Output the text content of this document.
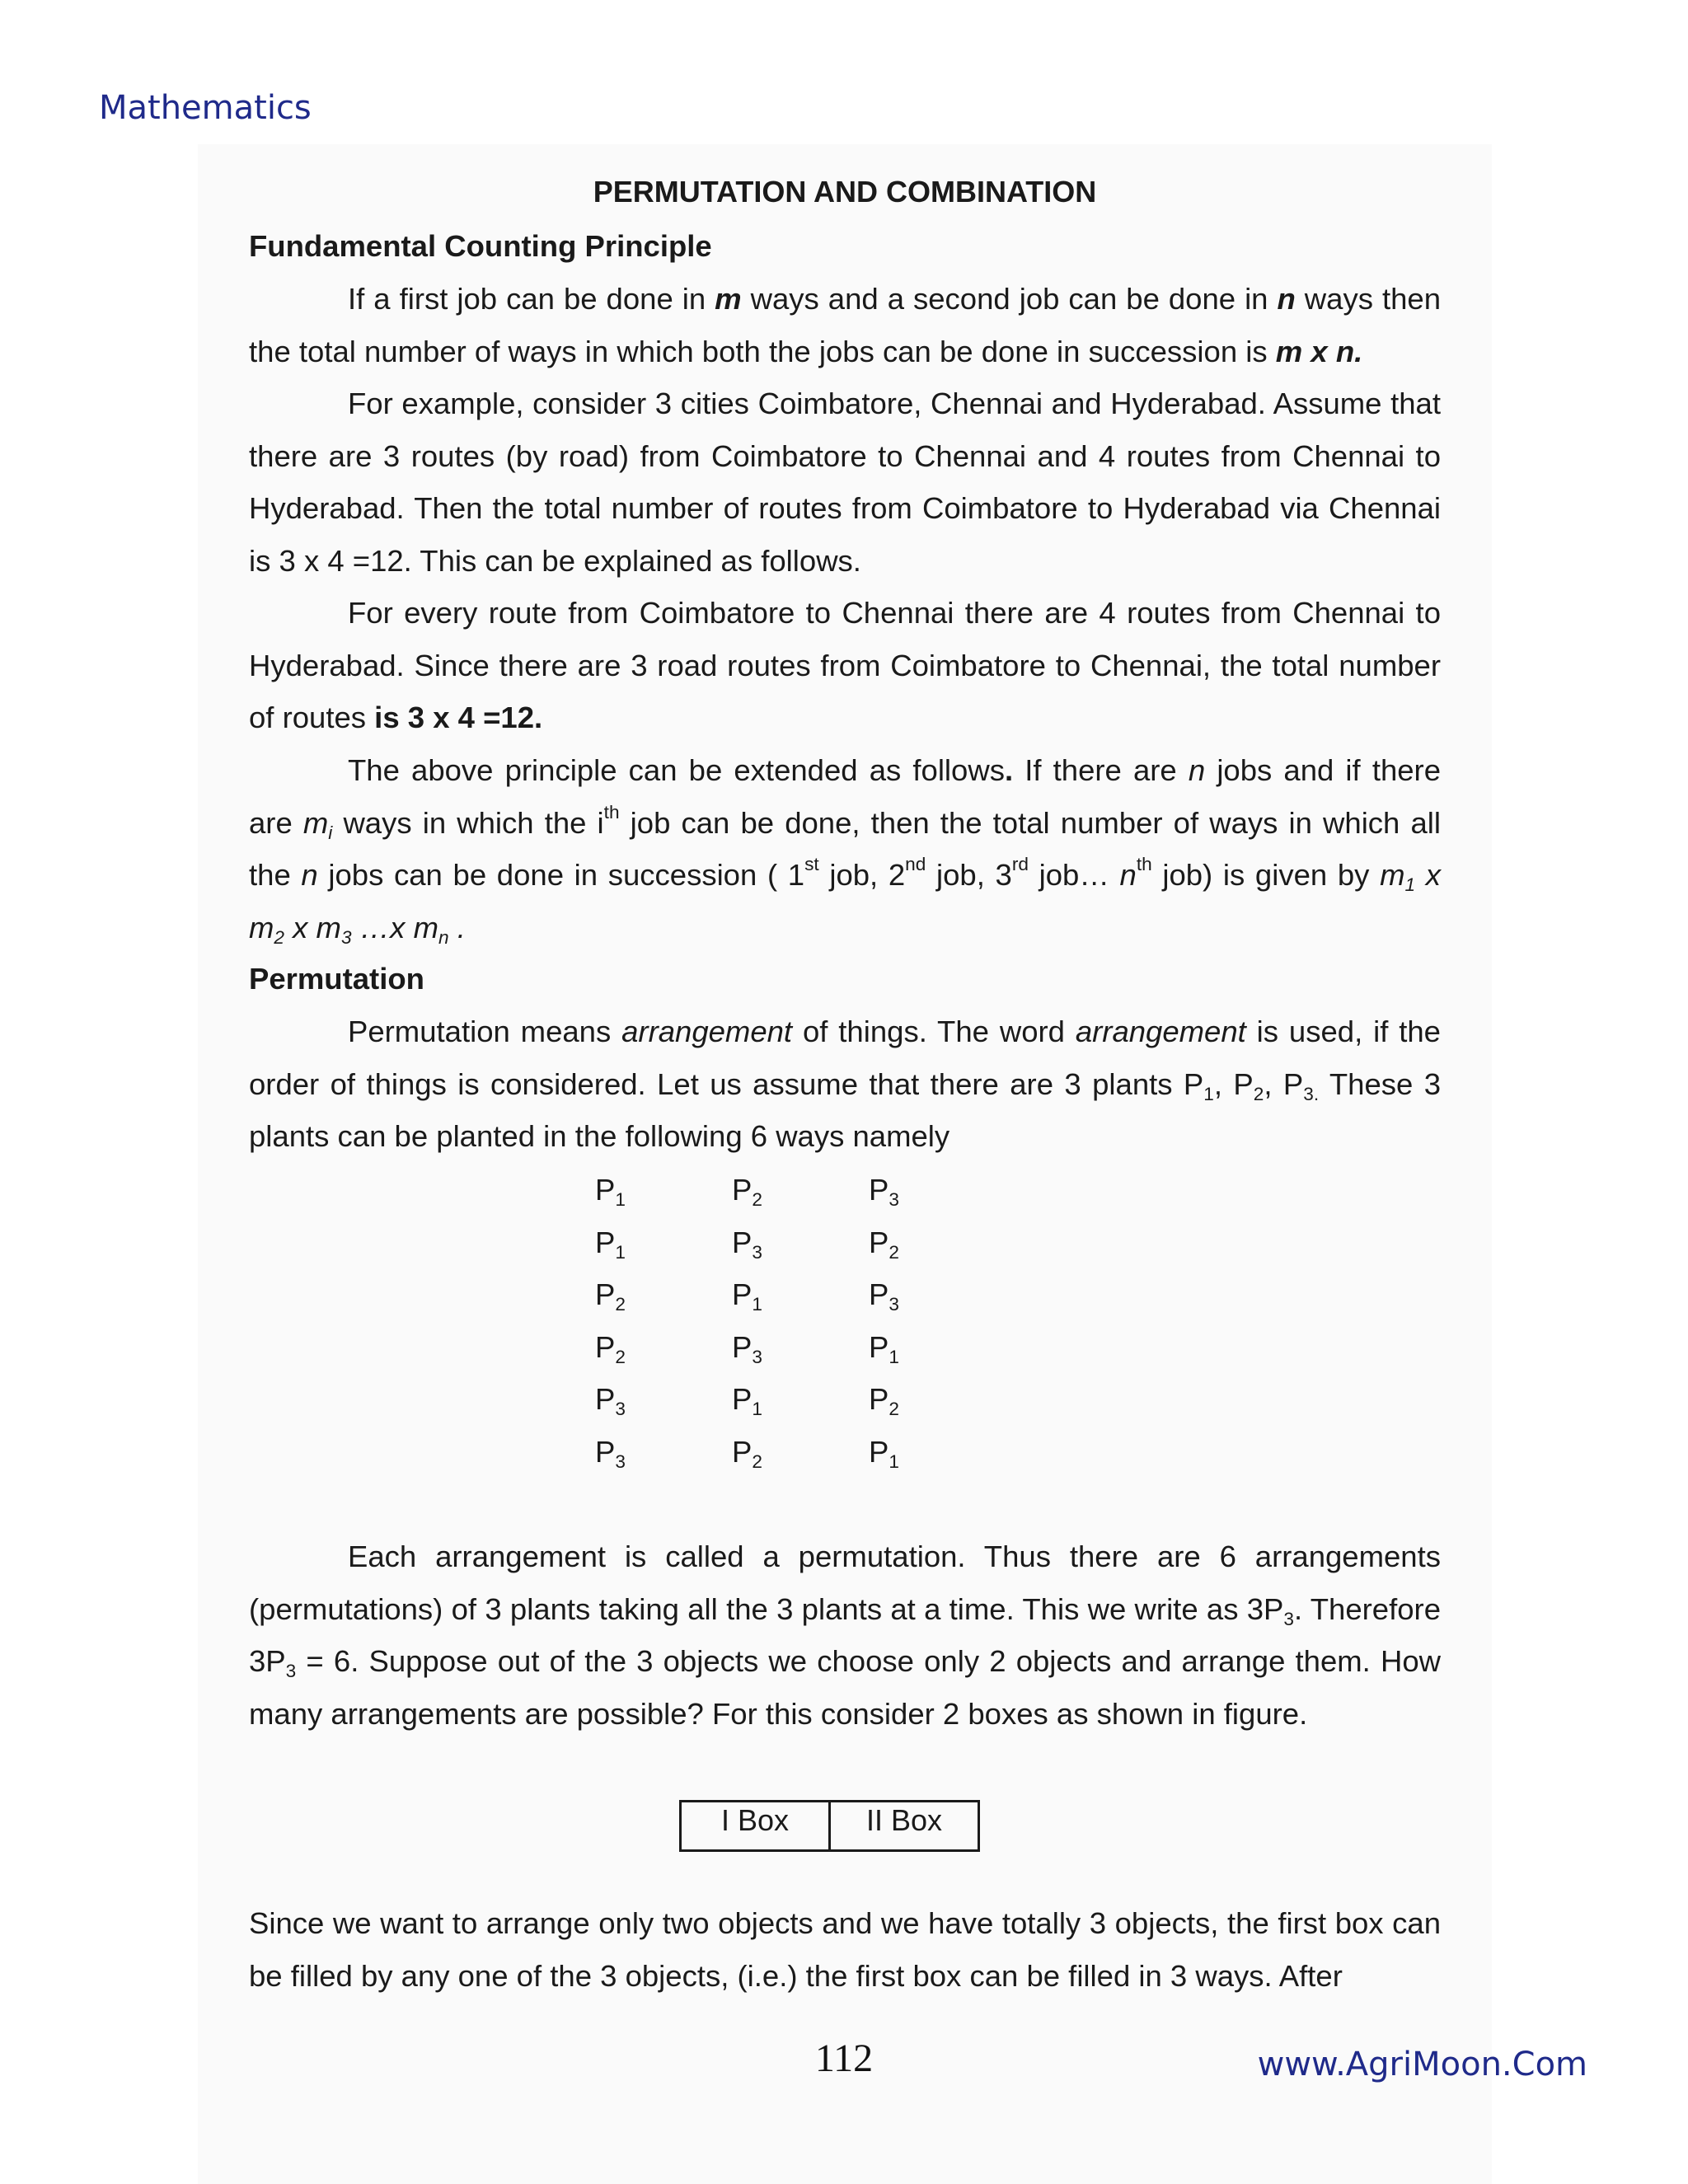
Mathematics
PERMUTATION AND COMBINATION
Fundamental Counting Principle

If a first job can be done in m ways and a second job can be done in n ways then the total number of ways in which both the jobs can be done in succession is m x n.

For example, consider 3 cities Coimbatore, Chennai and Hyderabad. Assume that there are 3 routes (by road) from Coimbatore to Chennai and 4 routes from Chennai to Hyderabad. Then the total number of routes from Coimbatore to Hyderabad via Chennai is 3 x 4 =12. This can be explained as follows.

For every route from Coimbatore to Chennai there are 4 routes from Chennai to Hyderabad. Since there are 3 road routes from Coimbatore to Chennai, the total number of routes is 3 x 4 =12.

The above principle can be extended as follows. If there are n jobs and if there are $m_i$ ways in which the $i^{th}$ job can be done, then the total number of ways in which all the n jobs can be done in succession ( 1st job, 2nd job, 3rd job… $n^{th}$ job) is given by $m_1$ x $m_2$ x $m_3$ …x $m_n$ .

Permutation

Permutation means arrangement of things. The word arrangement is used, if the order of things is considered. Let us assume that there are 3 plants $P_1$, $P_2$, $P_{3.}$ These 3 plants can be planted in the following 6 ways namely

$P_1$	$P_2$	$P_3$
$P_1$	$P_3$	$P_2$
$P_2$	$P_1$	$P_3$
$P_2$	$P_3$	$P_1$
$P_3$	$P_1$	$P_2$
$P_3$	$P_2$	$P_1$

Each arrangement is called a permutation. Thus there are 6 arrangements (permutations) of 3 plants taking all the 3 plants at a time. This we write as $3P_3$. Therefore $3P_3 = 6$. Suppose out of the 3 objects we choose only 2 objects and arrange them. How many arrangements are possible? For this consider 2 boxes as shown in figure.

I Box	II Box

Since we want to arrange only two objects and we have totally 3 objects, the first box can be filled by any one of the 3 objects, (i.e.) the first box can be filled in 3 ways. After

112	www.AgriMoon.Com
